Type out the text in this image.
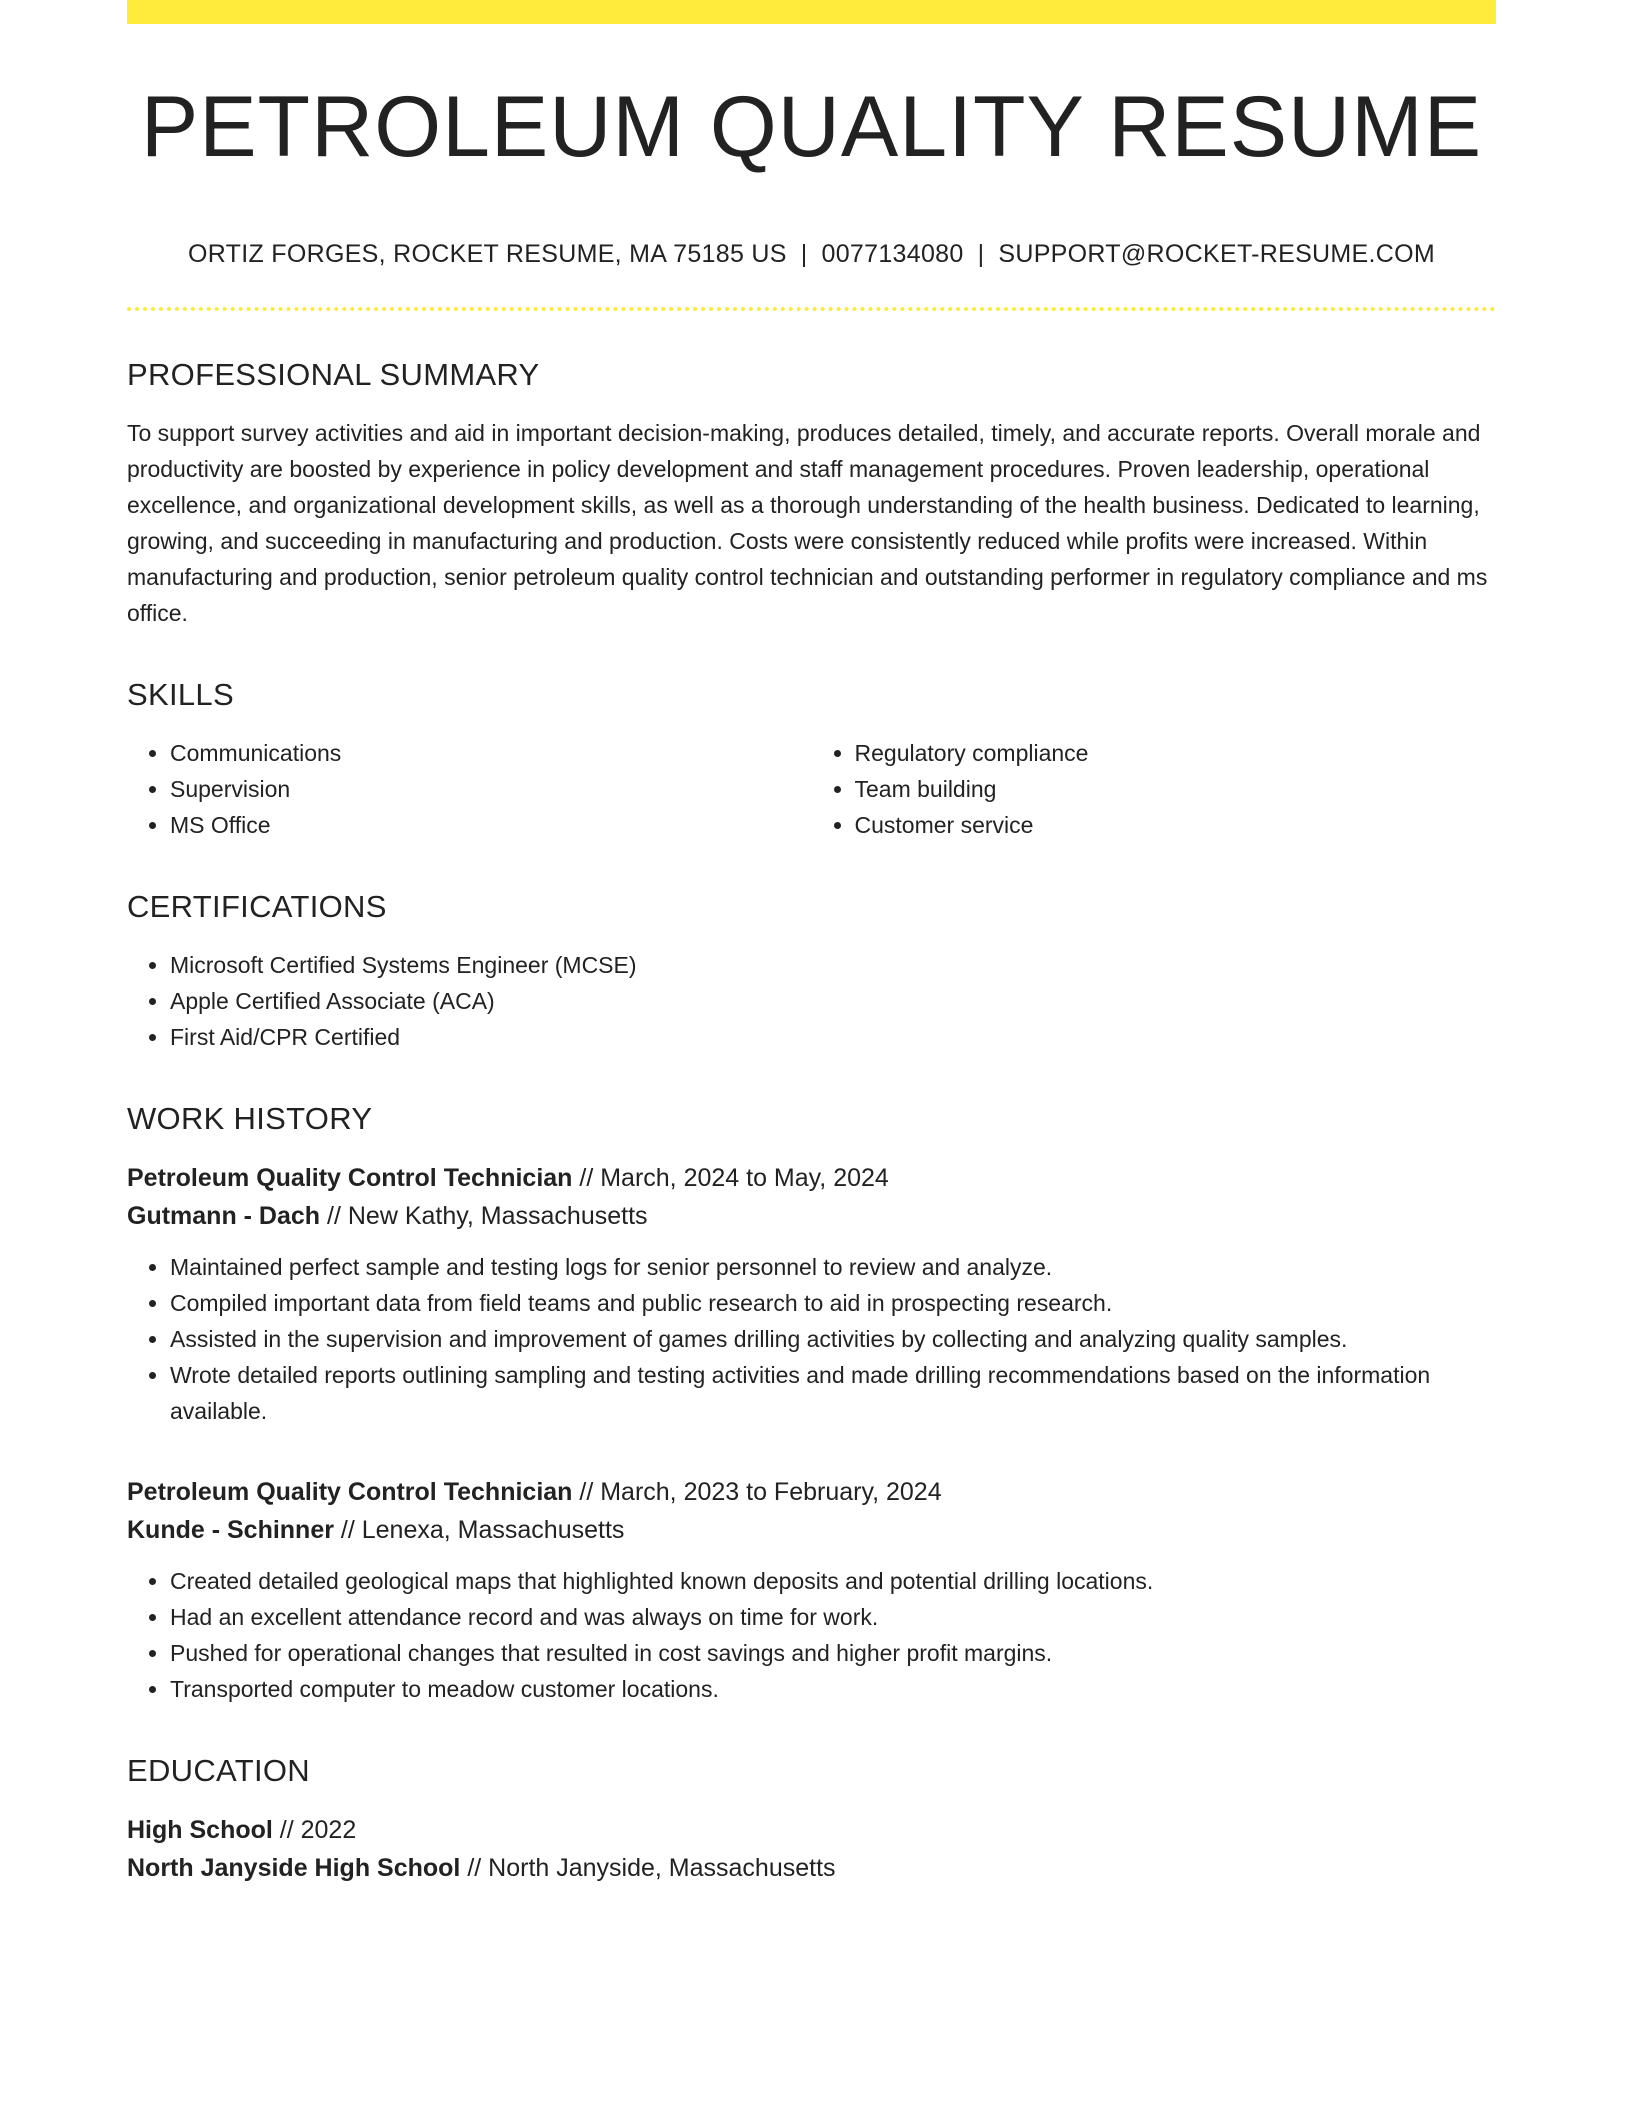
PETROLEUM QUALITY RESUME
ORTIZ FORGES, ROCKET RESUME, MA 75185 US | 0077134080 | SUPPORT@ROCKET-RESUME.COM
PROFESSIONAL SUMMARY
To support survey activities and aid in important decision-making, produces detailed, timely, and accurate reports. Overall morale and productivity are boosted by experience in policy development and staff management procedures. Proven leadership, operational excellence, and organizational development skills, as well as a thorough understanding of the health business. Dedicated to learning, growing, and succeeding in manufacturing and production. Costs were consistently reduced while profits were increased. Within manufacturing and production, senior petroleum quality control technician and outstanding performer in regulatory compliance and ms office.
SKILLS
• Communications
• Supervision
• MS Office
• Regulatory compliance
• Team building
• Customer service
CERTIFICATIONS
• Microsoft Certified Systems Engineer (MCSE)
• Apple Certified Associate (ACA)
• First Aid/CPR Certified
WORK HISTORY
Petroleum Quality Control Technician // March, 2024 to May, 2024
Gutmann - Dach // New Kathy, Massachusetts
• Maintained perfect sample and testing logs for senior personnel to review and analyze.
• Compiled important data from field teams and public research to aid in prospecting research.
• Assisted in the supervision and improvement of games drilling activities by collecting and analyzing quality samples.
• Wrote detailed reports outlining sampling and testing activities and made drilling recommendations based on the information available.
Petroleum Quality Control Technician // March, 2023 to February, 2024
Kunde - Schinner // Lenexa, Massachusetts
• Created detailed geological maps that highlighted known deposits and potential drilling locations.
• Had an excellent attendance record and was always on time for work.
• Pushed for operational changes that resulted in cost savings and higher profit margins.
• Transported computer to meadow customer locations.
EDUCATION
High School // 2022
North Janyside High School // North Janyside, Massachusetts
